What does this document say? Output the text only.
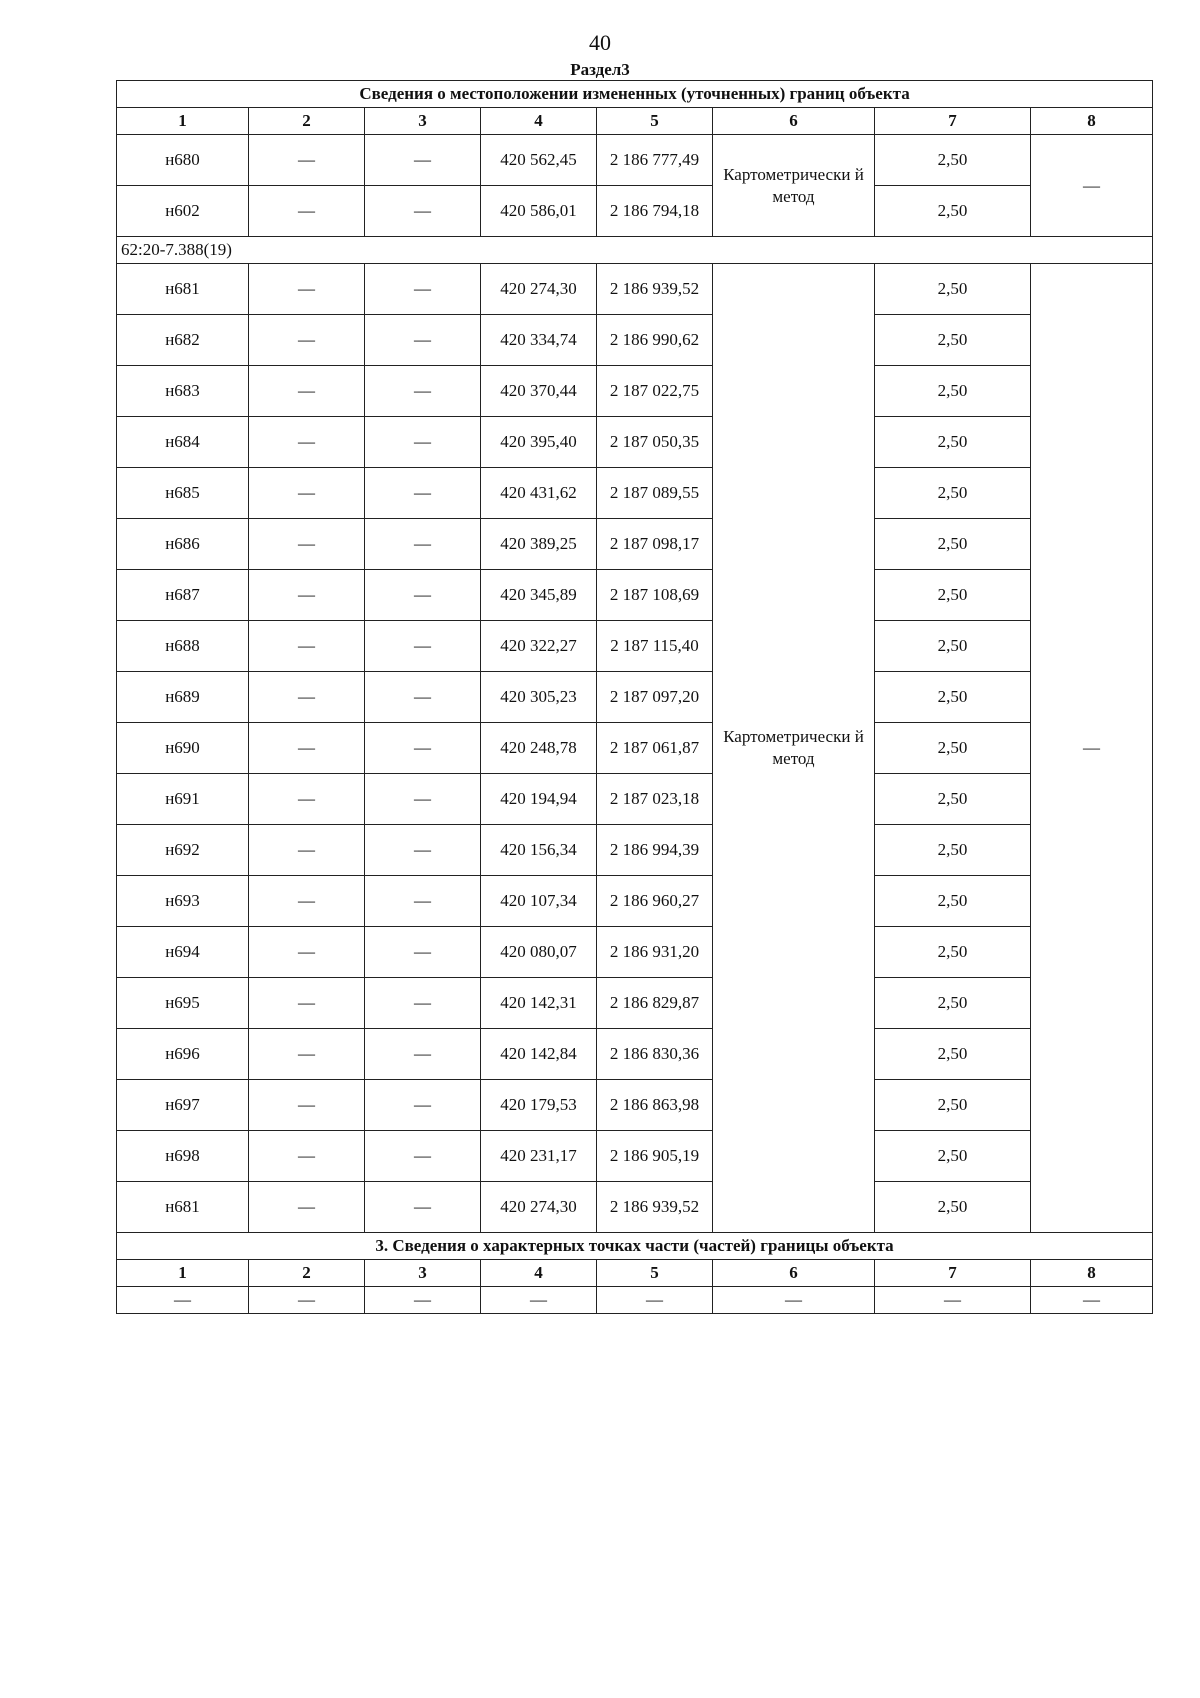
40
Раздел3
Сведения о местоположении измененных (уточненных) границ объекта							
1	2	3	4	5	6	7	8
н680	—	—	420 562,45	2 186 777,49	Картометрически й метод	2,50	—
н602	—	—	420 586,01	2 186 794,18		2,50	
62:20-7.388(19)							
н681	—	—	420 274,30	2 186 939,52	Картометрически й метод	2,50	—
н682	—	—	420 334,74	2 186 990,62		2,50	
н683	—	—	420 370,44	2 187 022,75		2,50	
н684	—	—	420 395,40	2 187 050,35		2,50	
н685	—	—	420 431,62	2 187 089,55		2,50	
н686	—	—	420 389,25	2 187 098,17		2,50	
н687	—	—	420 345,89	2 187 108,69		2,50	
н688	—	—	420 322,27	2 187 115,40		2,50	
н689	—	—	420 305,23	2 187 097,20		2,50	
н690	—	—	420 248,78	2 187 061,87		2,50	
н691	—	—	420 194,94	2 187 023,18		2,50	
н692	—	—	420 156,34	2 186 994,39		2,50	
н693	—	—	420 107,34	2 186 960,27		2,50	
н694	—	—	420 080,07	2 186 931,20		2,50	
н695	—	—	420 142,31	2 186 829,87		2,50	
н696	—	—	420 142,84	2 186 830,36		2,50	
н697	—	—	420 179,53	2 186 863,98		2,50	
н698	—	—	420 231,17	2 186 905,19		2,50	
н681	—	—	420 274,30	2 186 939,52		2,50	
3. Сведения о характерных точках части (частей) границы объекта							
1	2	3	4	5	6	7	8
—	—	—	—	—	—	—	—
